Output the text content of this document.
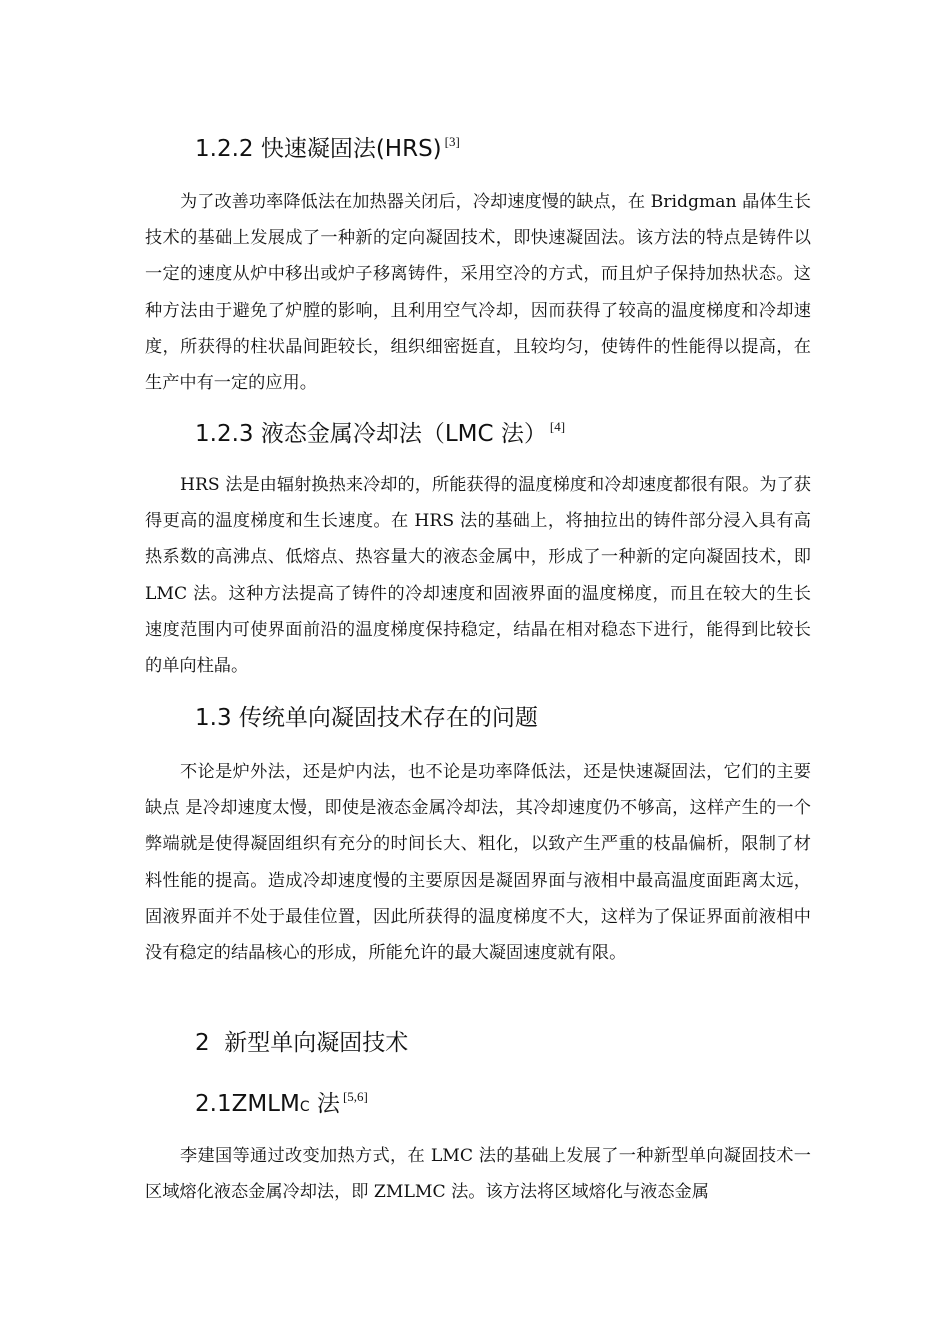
1.2.2 快速凝固法(HRS) [3]

为了改善功率降低法在加热器关闭后，冷却速度慢的缺点，在 Bridgman 晶体生长技术的基础上发展成了一种新的定向凝固技术，即快速凝固法。该方法的特点是铸件以一定的速度从炉中移出或炉子移离铸件，采用空冷的方式，而且炉子保持加热状态。这种方法由于避免了炉膛的影响，且利用空气冷却，因而获得了较高的温度梯度和冷却速度，所获得的柱状晶间距较长，组织细密挺直，且较均匀，使铸件的性能得以提高，在生产中有一定的应用。

1.2.3 液态金属冷却法（LMC 法） [4]

HRS 法是由辐射换热来冷却的，所能获得的温度梯度和冷却速度都很有限。为了获得更高的温度梯度和生长速度。在 HRS 法的基础上，将抽拉出的铸件部分浸入具有高 热系数的高沸点、低熔点、热容量大的液态金属中，形成了一种新的定向凝固技术，即 LMC 法。这种方法提高了铸件的冷却速度和固液界面的温度梯度，而且在较大的生长速度范围内可使界面前沿的温度梯度保持稳定，结晶在相对稳态下进行，能得到比较长的单向柱晶。

1.3 传统单向凝固技术存在的问题

不论是炉外法，还是炉内法，也不论是功率降低法，还是快速凝固法，它们的主要缺点 是冷却速度太慢，即使是液态金属冷却法，其冷却速度仍不够高，这样产生的一个弊端就是使得凝固组织有充分的时间长大、粗化，以致产生严重的枝晶偏析，限制了材料性能的提高。造成冷却速度慢的主要原因是凝固界面与液相中最高温度面距离太远，固液界面并不处于最佳位置，因此所获得的温度梯度不大，这样为了保证界面前液相中没有稳定的结晶核心的形成，所能允许的最大凝固速度就有限。

2  新型单向凝固技术
2.1ZMLMC 法 [5,6]

李建国等通过改变加热方式，在 LMC 法的基础上发展了一种新型单向凝固技术一区域熔化液态金属冷却法，即 ZMLMC 法。该方法将区域熔化与液态金属
